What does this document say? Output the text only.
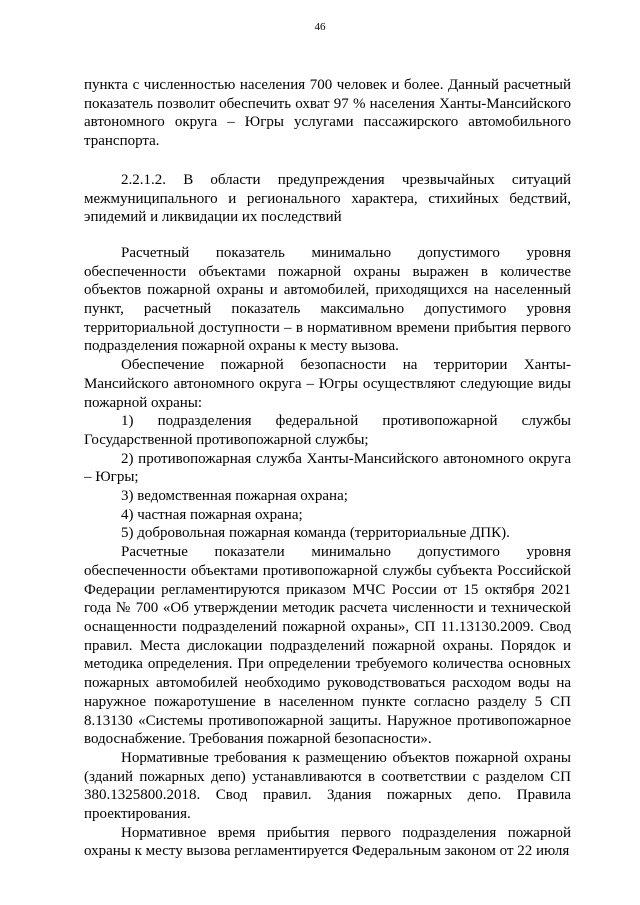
46

пункта с численностью населения 700 человек и более. Данный расчетный показатель позволит обеспечить охват 97 % населения Ханты-Мансийского автономного округа – Югры услугами пассажирского автомобильного транспорта.

2.2.1.2. В области предупреждения чрезвычайных ситуаций межмуниципального и регионального характера, стихийных бедствий, эпидемий и ликвидации их последствий

Расчетный показатель минимально допустимого уровня обеспеченности объектами пожарной охраны выражен в количестве объектов пожарной охраны и автомобилей, приходящихся на населенный пункт, расчетный показатель максимально допустимого уровня территориальной доступности – в нормативном времени прибытия первого подразделения пожарной охраны к месту вызова.

Обеспечение пожарной безопасности на территории Ханты-Мансийского автономного округа – Югры осуществляют следующие виды пожарной охраны:

1) подразделения федеральной противопожарной службы Государственной противопожарной службы;

2) противопожарная служба Ханты-Мансийского автономного округа – Югры;

3) ведомственная пожарная охрана;

4) частная пожарная охрана;

5) добровольная пожарная команда (территориальные ДПК).

Расчетные показатели минимально допустимого уровня обеспеченности объектами противопожарной службы субъекта Российской Федерации регламентируются приказом МЧС России от 15 октября 2021 года № 700 «Об утверждении методик расчета численности и технической оснащенности подразделений пожарной охраны», СП 11.13130.2009. Свод правил. Места дислокации подразделений пожарной охраны. Порядок и методика определения. При определении требуемого количества основных пожарных автомобилей необходимо руководствоваться расходом воды на наружное пожаротушение в населенном пункте согласно разделу 5 СП 8.13130 «Системы противопожарной защиты. Наружное противопожарное водоснабжение. Требования пожарной безопасности».

Нормативные требования к размещению объектов пожарной охраны (зданий пожарных депо) устанавливаются в соответствии с разделом СП 380.1325800.2018. Свод правил. Здания пожарных депо. Правила проектирования.

Нормативное время прибытия первого подразделения пожарной охраны к месту вызова регламентируется Федеральным законом от 22 июля
